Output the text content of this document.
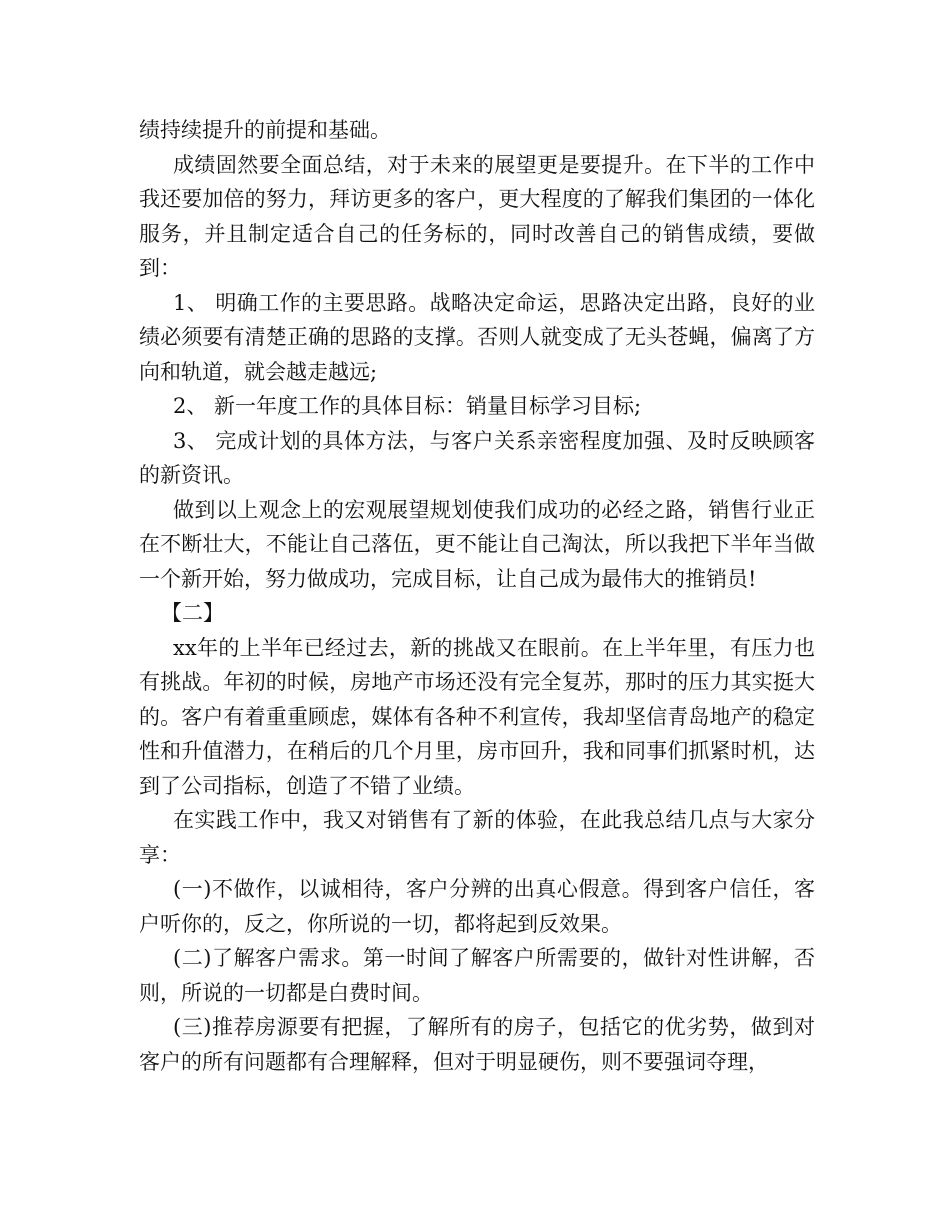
绩持续提升的前提和基础。

成绩固然要全面总结，对于未来的展望更是要提升。在下半的工作中我还要加倍的努力，拜访更多的客户，更大程度的了解我们集团的一体化服务，并且制定适合自己的任务标的，同时改善自己的销售成绩，要做到：

1、 明确工作的主要思路。战略决定命运，思路决定出路，良好的业绩必须要有清楚正确的思路的支撑。否则人就变成了无头苍蝇，偏离了方向和轨道，就会越走越远;

2、 新一年度工作的具体目标：销量目标学习目标;

3、 完成计划的具体方法，与客户关系亲密程度加强、及时反映顾客的新资讯。

做到以上观念上的宏观展望规划使我们成功的必经之路，销售行业正在不断壮大，不能让自己落伍，更不能让自己淘汰，所以我把下半年当做一个新开始，努力做成功，完成目标，让自己成为最伟大的推销员!

【二】

xx年的上半年已经过去，新的挑战又在眼前。在上半年里，有压力也有挑战。年初的时候，房地产市场还没有完全复苏，那时的压力其实挺大的。客户有着重重顾虑，媒体有各种不利宣传，我却坚信青岛地产的稳定性和升值潜力，在稍后的几个月里，房市回升，我和同事们抓紧时机，达到了公司指标，创造了不错了业绩。

在实践工作中，我又对销售有了新的体验，在此我总结几点与大家分享：

(一)不做作，以诚相待，客户分辨的出真心假意。得到客户信任，客户听你的，反之，你所说的一切，都将起到反效果。

(二)了解客户需求。第一时间了解客户所需要的，做针对性讲解，否则，所说的一切都是白费时间。

(三)推荐房源要有把握，了解所有的房子，包括它的优劣势，做到对客户的所有问题都有合理解释，但对于明显硬伤，则不要强词夺理，
